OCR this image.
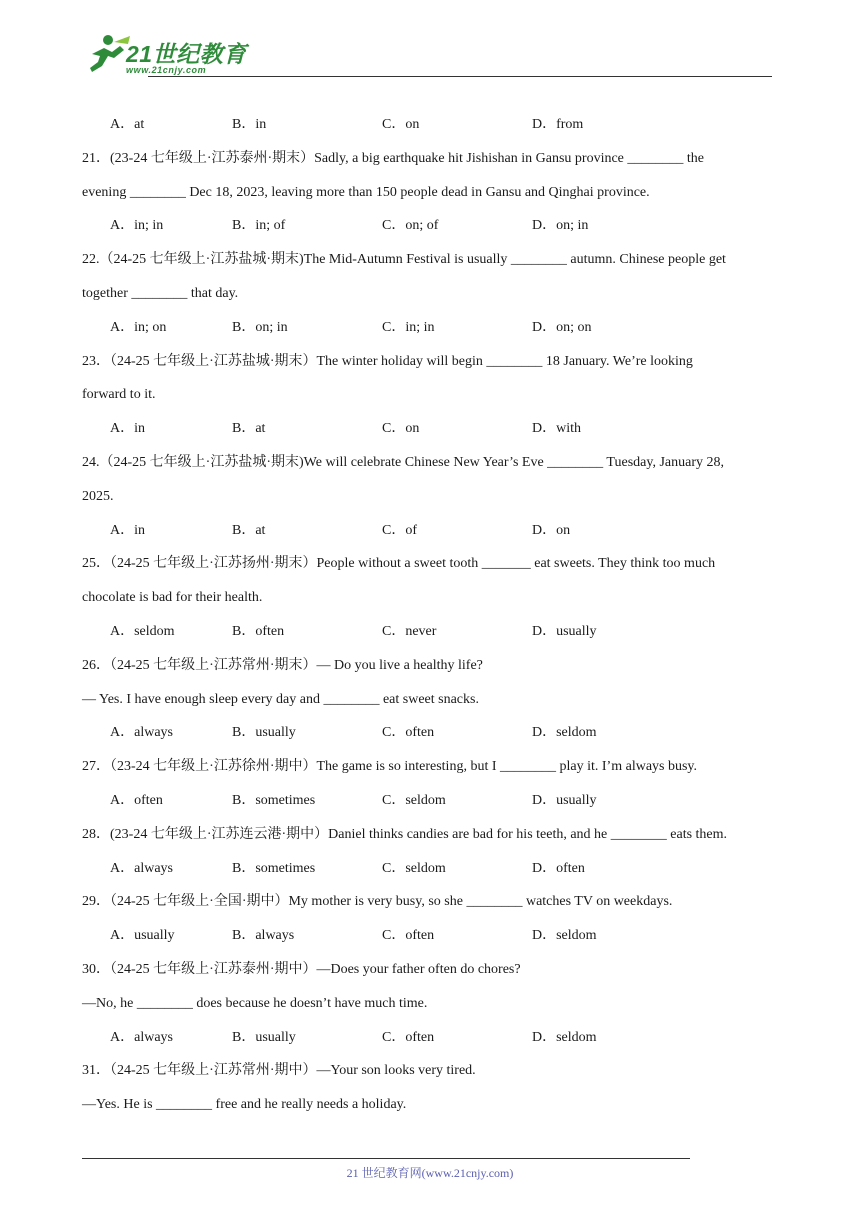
21世纪教育
www.21cnjy.com
A．at	B．in	C．on	D．from
21．(23-24 七年级上·江苏泰州·期末）Sadly, a big earthquake hit Jishishan in Gansu province ________ the
evening ________ Dec 18, 2023, leaving more than 150 people dead in Gansu and Qinghai province.
A．in; in	B．in; of	C．on; of	D．on; in
22.（24-25 七年级上·江苏盐城·期末)The Mid-Autumn Festival is usually ________ autumn. Chinese people get
together ________ that day.
A．in; on	B．on; in	C．in; in	D．on; on
23．（24-25 七年级上·江苏盐城·期末）The winter holiday will begin ________ 18 January. We’re looking
forward to it.
A．in	B．at	C．on	D．with
24.（24-25 七年级上·江苏盐城·期末)We will celebrate Chinese New Year’s Eve ________ Tuesday, January 28,
2025.
A．in	B．at	C．of	D．on
25．（24-25 七年级上·江苏扬州·期末）People without a sweet tooth _______ eat sweets. They think too much
chocolate is bad for their health.
A．seldom	B．often	C．never	D．usually
26．（24-25 七年级上·江苏常州·期末）— Do you live a healthy life?
— Yes. I have enough sleep every day and ________ eat sweet snacks.
A．always	B．usually	C．often	D．seldom
27．（23-24 七年级上·江苏徐州·期中）The game is so interesting, but I ________ play it. I’m always busy.
A．often	B．sometimes	C．seldom	D．usually
28．(23-24 七年级上·江苏连云港·期中）Daniel thinks candies are bad for his teeth, and he ________ eats them.
A．always	B．sometimes	C．seldom	D．often
29．（24-25 七年级上·全国·期中）My mother is very busy, so she ________ watches TV on weekdays.
A．usually	B．always	C．often	D．seldom
30．（24-25 七年级上·江苏泰州·期中）—Does your father often do chores?
—No, he ________ does because he doesn’t have much time.
A．always	B．usually	C．often	D．seldom
31．（24-25 七年级上·江苏常州·期中）—Your son looks very tired.
—Yes. He is ________ free and he really needs a holiday.
21 世纪教育网(www.21cnjy.com)
